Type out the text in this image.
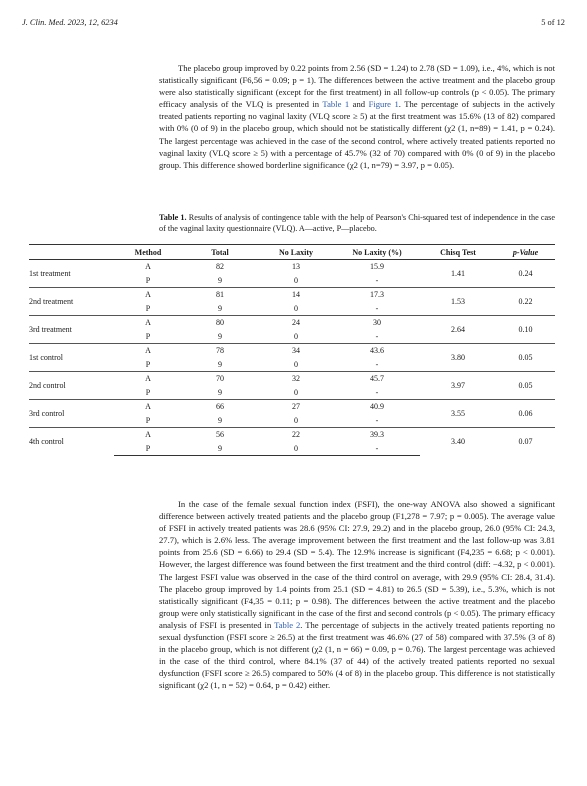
J. Clin. Med. 2023, 12, 6234	5 of 12

The placebo group improved by 0.22 points from 2.56 (SD = 1.24) to 2.78 (SD = 1.09), i.e., 4%, which is not statistically significant (F6,56 = 0.09; p = 1). The differences between the active treatment and the placebo group were also statistically significant (except for the first treatment) in all follow-up controls (p < 0.05). The primary efficacy analysis of the VLQ is presented in Table 1 and Figure 1. The percentage of subjects in the actively treated patients reporting no vaginal laxity (VLQ score ≥ 5) at the first treatment was 15.6% (13 of 82) compared with 0% (0 of 9) in the placebo group, which should not be statistically different (χ2 (1, n=89) = 1.41, p = 0.24). The largest percentage was achieved in the case of the second control, where actively treated patients reported no vaginal laxity (VLQ score ≥ 5) with a percentage of 45.7% (32 of 70) compared with 0% (0 of 9) in the placebo group. This difference showed borderline significance (χ2 (1, n=79) = 3.97, p = 0.05).

Table 1. Results of analysis of contingence table with the help of Pearson's Chi-squared test of independence in the case of the vaginal laxity questionnaire (VLQ). A—active, P—placebo.

	Method	Total	No Laxity	No Laxity (%)	Chisq Test	p-Value
1st treatment	A	82	13	15.9	1.41	0.24
	P	9	0	-		
2nd treatment	A	81	14	17.3	1.53	0.22
	P	9	0	-		
3rd treatment	A	80	24	30	2.64	0.10
	P	9	0	-		
1st control	A	78	34	43.6	3.80	0.05
	P	9	0	-		
2nd control	A	70	32	45.7	3.97	0.05
	P	9	0	-		
3rd control	A	66	27	40.9	3.55	0.06
	P	9	0	-		
4th control	A	56	22	39.3	3.40	0.07
	P	9	0	-		

In the case of the female sexual function index (FSFI), the one-way ANOVA also showed a significant difference between actively treated patients and the placebo group (F1,278 = 7.97; p = 0.005). The average value of FSFI in actively treated patients was 28.6 (95% CI: 27.9, 29.2) and in the placebo group, 26.0 (95% CI: 24.3, 27.7), which is 2.6% less. The average improvement between the first treatment and the last follow-up was 3.81 points from 25.6 (SD = 6.66) to 29.4 (SD = 5.4). The 12.9% increase is significant (F4,235 = 6.68; p < 0.001). However, the largest difference was found between the first treatment and the third control (diff: −4.32, p < 0.001). The largest FSFI value was observed in the case of the third control on average, with 29.9 (95% CI: 28.4, 31.4). The placebo group improved by 1.4 points from 25.1 (SD = 4.81) to 26.5 (SD = 5.39), i.e., 5.3%, which is not statistically significant (F4,35 = 0.11; p = 0.98). The differences between the active treatment and the placebo group were only statistically significant in the case of the first and second controls (p < 0.05). The primary efficacy analysis of FSFI is presented in Table 2. The percentage of subjects in the actively treated patients reporting no sexual dysfunction (FSFI score ≥ 26.5) at the first treatment was 46.6% (27 of 58) compared with 37.5% (3 of 8) in the placebo group, which is not different (χ2 (1, n = 66) = 0.09, p = 0.76). The largest percentage was achieved in the case of the third control, where 84.1% (37 of 44) of the actively treated patients reported no sexual dysfunction (FSFI score ≥ 26.5) compared to 50% (4 of 8) in the placebo group. This difference is not statistically significant (χ2 (1, n = 52) = 0.64, p = 0.42) either.
